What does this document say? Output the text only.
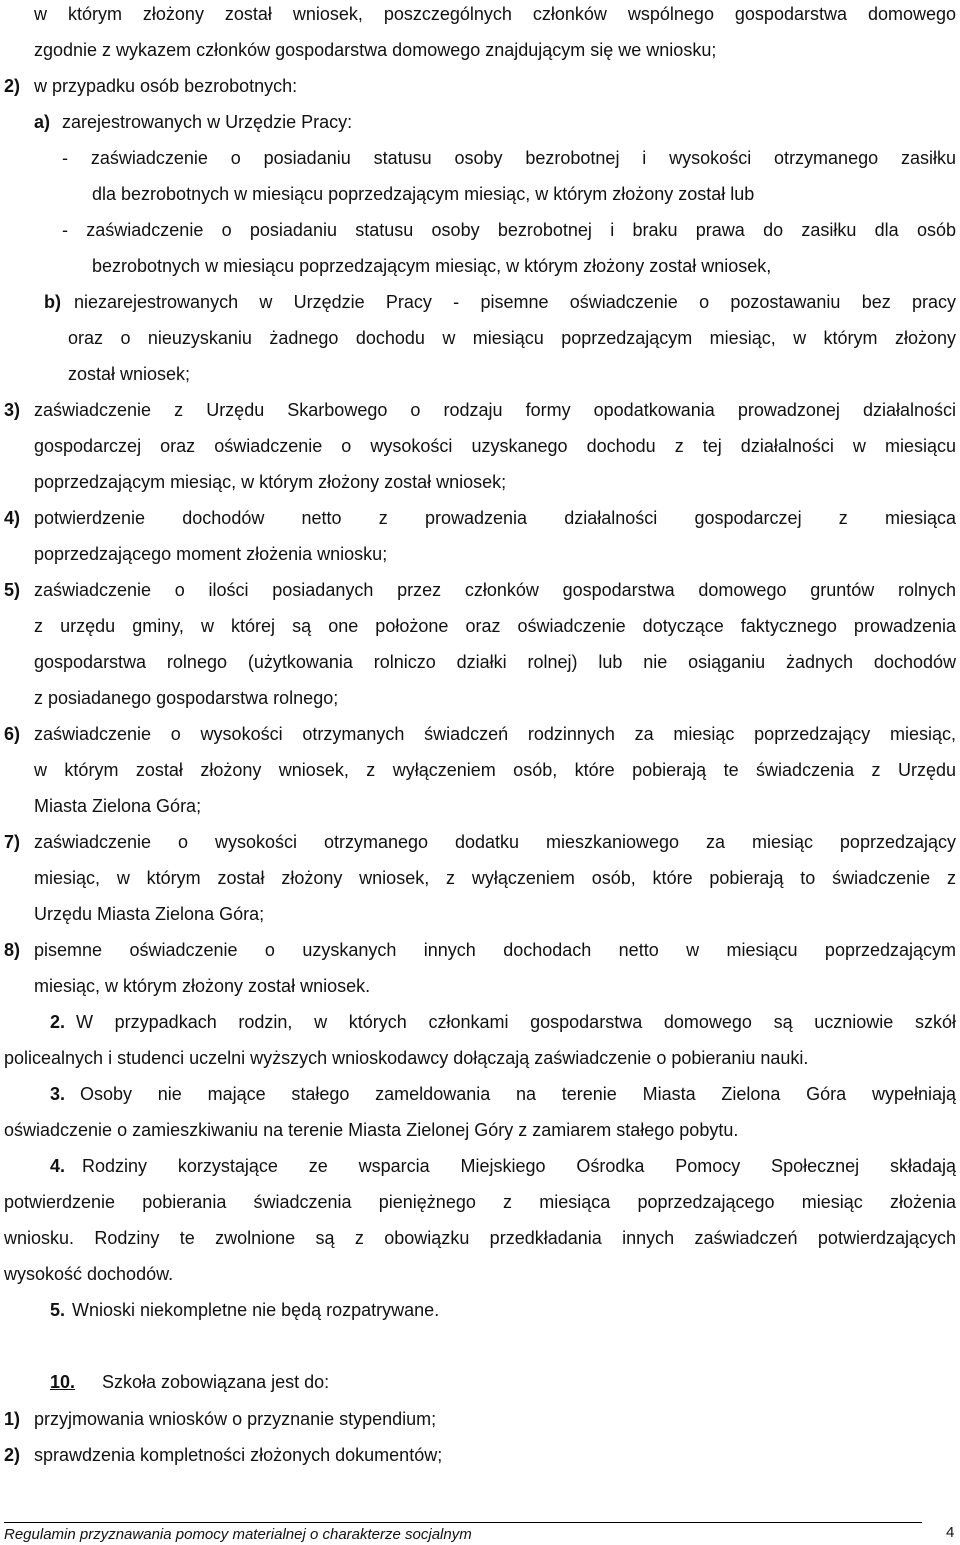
w którym złożony został wniosek, poszczególnych członków wspólnego gospodarstwa domowego
zgodnie z wykazem członków gospodarstwa domowego znajdującym się we wniosku;
2) w przypadku osób bezrobotnych:
a) zarejestrowanych w Urzędzie Pracy:
- zaświadczenie o posiadaniu statusu osoby bezrobotnej i wysokości otrzymanego zasiłku
dla bezrobotnych w miesiącu poprzedzającym miesiąc, w którym złożony został lub
- zaświadczenie o posiadaniu statusu osoby bezrobotnej i braku prawa do zasiłku dla osób
bezrobotnych w miesiącu poprzedzającym miesiąc, w którym złożony został wniosek,
b) niezarejestrowanych w Urzędzie Pracy - pisemne oświadczenie o pozostawaniu bez pracy
oraz o nieuzyskaniu żadnego dochodu w miesiącu poprzedzającym miesiąc, w którym złożony
został wniosek;
3) zaświadczenie z Urzędu Skarbowego o rodzaju formy opodatkowania prowadzonej działalności
gospodarczej oraz oświadczenie o wysokości uzyskanego dochodu z tej działalności w miesiącu
poprzedzającym miesiąc, w którym złożony został wniosek;
4) potwierdzenie dochodów netto z prowadzenia działalności gospodarczej z miesiąca
poprzedzającego moment złożenia wniosku;
5) zaświadczenie o ilości posiadanych przez członków gospodarstwa domowego gruntów rolnych
z urzędu gminy, w której są one położone oraz oświadczenie dotyczące faktycznego prowadzenia
gospodarstwa rolnego (użytkowania rolniczo działki rolnej) lub nie osiąganiu żadnych dochodów
z posiadanego gospodarstwa rolnego;
6) zaświadczenie o wysokości otrzymanych świadczeń rodzinnych za miesiąc poprzedzający miesiąc,
w którym został złożony wniosek, z wyłączeniem osób, które pobierają te świadczenia z Urzędu
Miasta Zielona Góra;
7) zaświadczenie o wysokości otrzymanego dodatku mieszkaniowego za miesiąc poprzedzający
miesiąc, w którym został złożony wniosek, z wyłączeniem osób, które pobierają to świadczenie z
Urzędu Miasta Zielona Góra;
8) pisemne oświadczenie o uzyskanych innych dochodach netto w miesiącu poprzedzającym
miesiąc, w którym złożony został wniosek.
2. W przypadkach rodzin, w których członkami gospodarstwa domowego są uczniowie szkół
policealnych i studenci uczelni wyższych wnioskodawcy dołączają zaświadczenie o pobieraniu nauki.
3. Osoby nie mające stałego zameldowania na terenie Miasta Zielona Góra wypełniają
oświadczenie o zamieszkiwaniu na terenie Miasta Zielonej Góry z zamiarem stałego pobytu.
4. Rodziny korzystające ze wsparcia Miejskiego Ośrodka Pomocy Społecznej składają
potwierdzenie pobierania świadczenia pieniężnego z miesiąca poprzedzającego miesiąc złożenia
wniosku. Rodziny te zwolnione są z obowiązku przedkładania innych zaświadczeń potwierdzających
wysokość dochodów.
5. Wnioski niekompletne nie będą rozpatrywane.
10. Szkoła zobowiązana jest do:
1) przyjmowania wniosków o przyznanie stypendium;
2) sprawdzenia kompletności złożonych dokumentów;
Regulamin przyznawania pomocy materialnej o charakterze socjalnym	4
